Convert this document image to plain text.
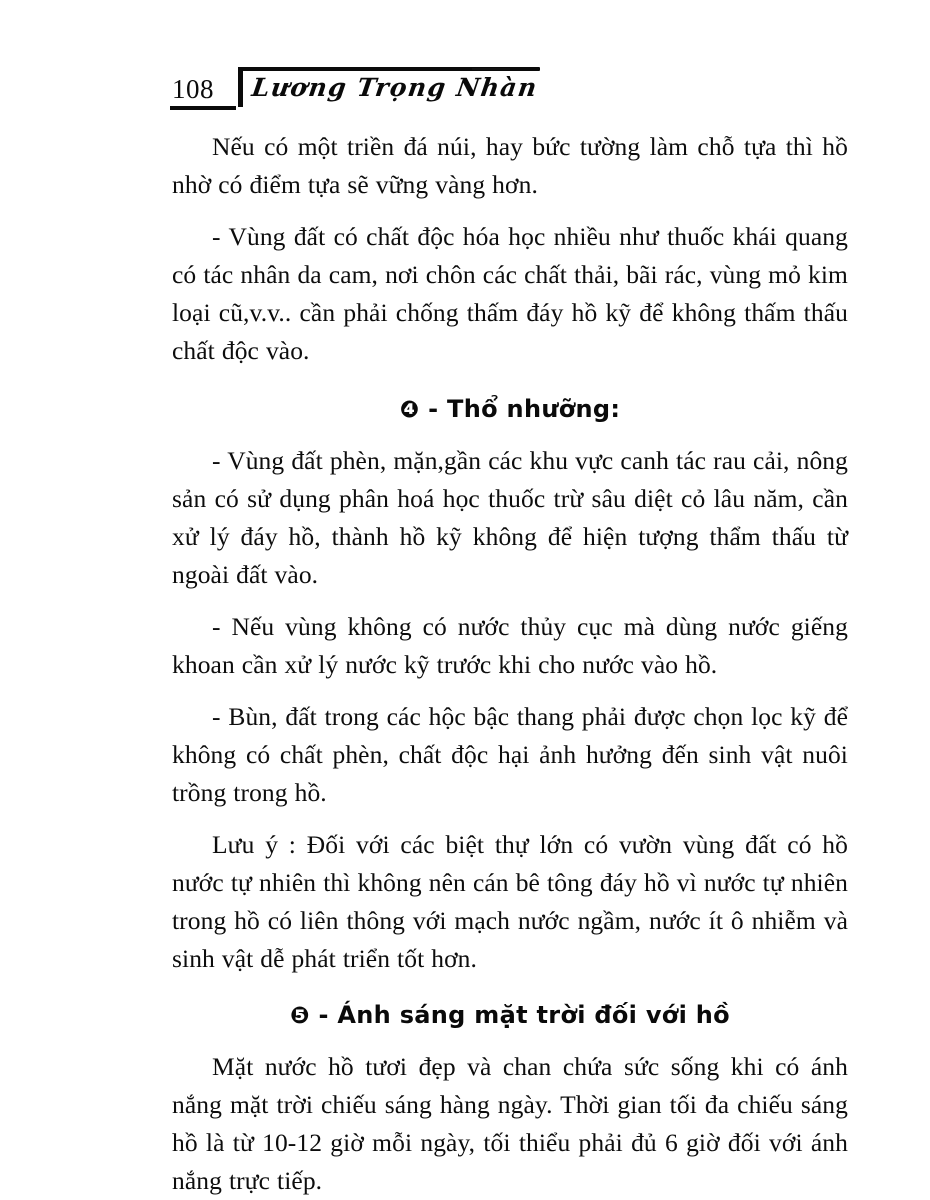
108	Lương Trọng Nhàn

Nếu có một triền đá núi, hay bức tường làm chỗ tựa thì hồ nhờ có điểm tựa sẽ vững vàng hơn.

- Vùng đất có chất độc hóa học nhiều như thuốc khái quang có tác nhân da cam, nơi chôn các chất thải, bãi rác, vùng mỏ kim loại cũ,v.v.. cần phải chống thấm đáy hồ kỹ để không thấm thấu chất độc vào.

❹ - Thổ nhưỡng:

- Vùng đất phèn, mặn,gần các khu vực canh tác rau cải, nông sản có sử dụng phân hoá học thuốc trừ sâu diệt cỏ lâu năm, cần xử lý đáy hồ, thành hồ kỹ không để hiện tượng thẩm thấu từ ngoài đất vào.

- Nếu vùng không có nước thủy cục mà dùng nước giếng khoan cần xử lý nước kỹ trước khi cho nước vào hồ.

- Bùn, đất trong các hộc bậc thang phải được chọn lọc kỹ để không có chất phèn, chất độc hại ảnh hưởng đến sinh vật nuôi trồng trong hồ.

Lưu ý : Đối với các biệt thự lớn có vườn vùng đất có hồ nước tự nhiên thì không nên cán bê tông đáy hồ vì nước tự nhiên trong hồ có liên thông với mạch nước ngầm, nước ít ô nhiễm và sinh vật dễ phát triển tốt hơn.

❺ - Ánh sáng mặt trời đối với hồ

Mặt nước hồ tươi đẹp và chan chứa sức sống khi có ánh nắng mặt trời chiếu sáng hàng ngày. Thời gian tối đa chiếu sáng hồ là từ 10-12 giờ mỗi ngày, tối thiểu phải đủ 6 giờ đối với ánh nắng trực tiếp.
